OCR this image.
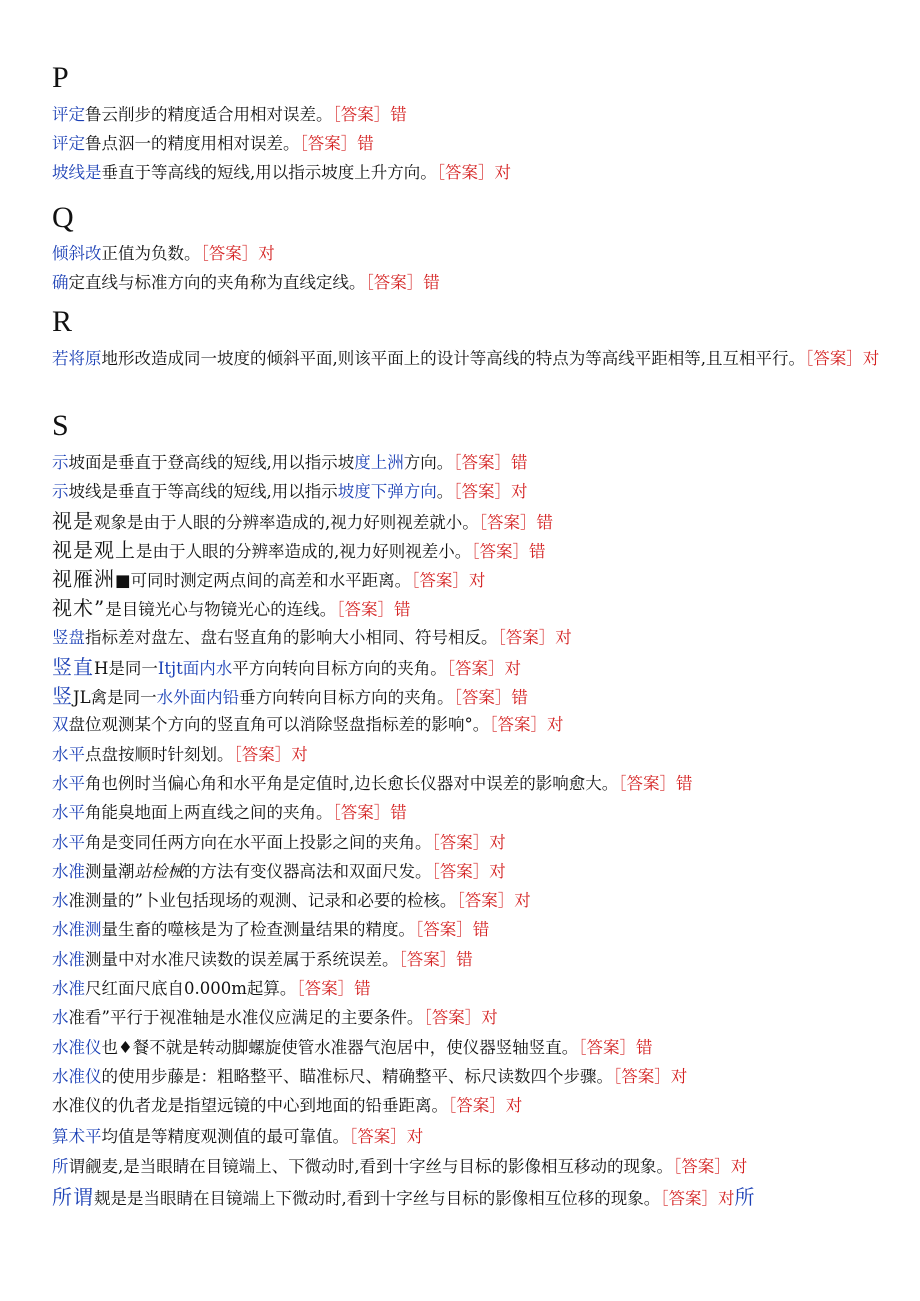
P
评定鲁云削步的精度适合用相对误差。［答案］错
评定鲁点泅一的精度用相对误差。［答案］错
坡线是垂直于等高线的短线,用以指示坡度上升方向。［答案］对
Q
倾斜改正值为负数。［答案］对
确定直线与标准方向的夹角称为直线定线。［答案］错
R
若将原地形改造成同一坡度的倾斜平面,则该平面上的设计等高线的特点为等高线平距相等,且互相平行。［答案］对
S
示坡面是垂直于登高线的短线,用以指示坡度上洲方向。［答案］错
示坡线是垂直于等高线的短线,用以指示坡度下弹方向。［答案］对
视是观象是由于人眼的分辨率造成的,视力好则视差就小。［答案］错
视是观上是由于人眼的分辨率造成的,视力好则视差小。［答案］错
视雁洲■可同时测定两点间的高差和水平距离。［答案］对
视术”是目镜光心与物镜光心的连线。［答案］错
竖盘指标差对盘左、盘右竖直角的影响大小相同、符号相反。［答案］对
竖直H是同一Itjt面内水平方向转向目标方向的夹角。［答案］对
竖JL禽是同一水外面内铅垂方向转向目标方向的夹角。［答案］错
双盘位观测某个方向的竖直角可以消除竖盘指标差的影响°。［答案］对
水平点盘按顺时针刻划。［答案］对
水平角也例时当偏心角和水平角是定值时,边长愈长仪器对中误差的影响愈大。［答案］错
水平角能臭地面上两直线之间的夹角。［答案］错
水平角是变同任两方向在水平面上投影之间的夹角。［答案］对
水准测量潮站检械的方法有变仪器高法和双面尺发。［答案］对
水准测量的”卜业包括现场的观测、记录和必要的检核。［答案］对
水准测量生畜的噬核是为了检查测量结果的精度。［答案］错
水准测量中对水准尺读数的误差属于系统误差。［答案］错
水准尺红面尺底自0.000m起算。［答案］错
水准看”平行于视准轴是水准仪应满足的主要条件。［答案］对
水准仪也♦餐不就是转动脚螺旋使管水准器气泡居中，使仪器竖轴竖直。［答案］错
水准仪的使用步藤是：粗略整平、瞄准标尺、精确整平、标尺读数四个步骤。［答案］对
水准仪的仇者龙是指望远镜的中心到地面的铅垂距离。［答案］对
算术平均值是等精度观测值的最可靠值。［答案］对
所谓觎麦,是当眼睛在目镜端上、下微动时,看到十字丝与目标的影像相互移动的现象。［答案］对
所谓觌是是当眼睛在目镜端上下微动时,看到十字丝与目标的影像相互位移的现象。［答案］对所
